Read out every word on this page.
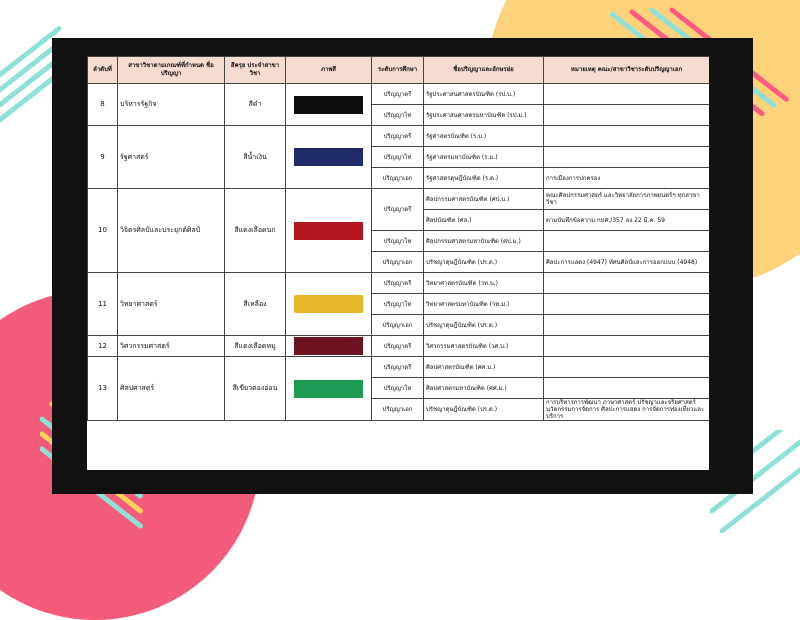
ลำดับที่	สาขาวิชาตามเกณฑ์ที่กำหนด ชื่อปริญญา	สีครุย ประจำสาขาวิชา	ภาพสี	ระดับการศึกษา	ชื่อปริญญาและอักษรย่อ	หมายเหตุ คณะ/สาขาวิชาระดับปริญญาเอก
8	บริหารรัฐกิจ	สีดำ		ปริญญาตรี	รัฐประศาสนศาสตรบัณฑิต (รป.บ.)	
				ปริญญาโท	รัฐประศาสนศาสตรมหาบัณฑิต (รป.ม.)	
9	รัฐศาสตร์	สีน้ำเงิน		ปริญญาตรี	รัฐศาสตรบัณฑิต (ร.บ.)	
				ปริญญาโท	รัฐศาสตรมหาบัณฑิต (ร.ม.)	
				ปริญญาเอก	รัฐศาสตรดุษฎีบัณฑิต (ร.ด.)	การเมืองการปกครอง
10	วิจิตรศิลป์และประยุกต์ศิลป์	สีแดงเลือดนก		ปริญญาตรี	ศิลปกรรมศาสตรบัณฑิต (ศป.บ.)	คณะศิลปกรรมศาสตร์ และวิทยาลัยการภาพยนตร์ฯ ทุกสาขาวิชา
					ศิลปบัณฑิต (ศล.)	ตามบันทึกข้อความ กบศ./357 ลง 22 มี.ค. 59
				ปริญญาโท	ศิลปกรรมศาสตรมหาบัณฑิต (ศป.ม.)	
				ปริญญาเอก	ปรัชญาดุษฎีบัณฑิต (ปร.ด.)	ศิลปะการแสดง (4947) ทัศนศิลป์และการออกแบบ (4948)
11	วิทยาศาสตร์	สีเหลือง		ปริญญาตรี	วิทยาศาสตรบัณฑิต (วท.บ.)	
				ปริญญาโท	วิทยาศาสตรมหาบัณฑิต (วท.ม.)	
				ปริญญาเอก	ปรัชญาดุษฎีบัณฑิต (ปร.ด.)	
12	วิศวกรรมศาสตร์	สีแดงเลือดหมู		ปริญญาตรี	วิศวกรรมศาสตรบัณฑิต (วศ.บ.)	
13	ศิลปศาสตร์	สีเขียวตองอ่อน		ปริญญาตรี	ศิลปศาสตรบัณฑิต (ศศ.บ.)	
				ปริญญาโท	ศิลปศาสตรมหาบัณฑิต (ศศ.ม.)	
				ปริญญาเอก	ปรัชญาดุษฎีบัณฑิต (ปร.ด.)	การบริหารการพัฒนา ภาษาศาสตร์ ปรัชญาและจริยศาสตร์ นวัตกรรมการจัดการ ศิลปะการแสดง การจัดการท่องเที่ยวและบริการ
